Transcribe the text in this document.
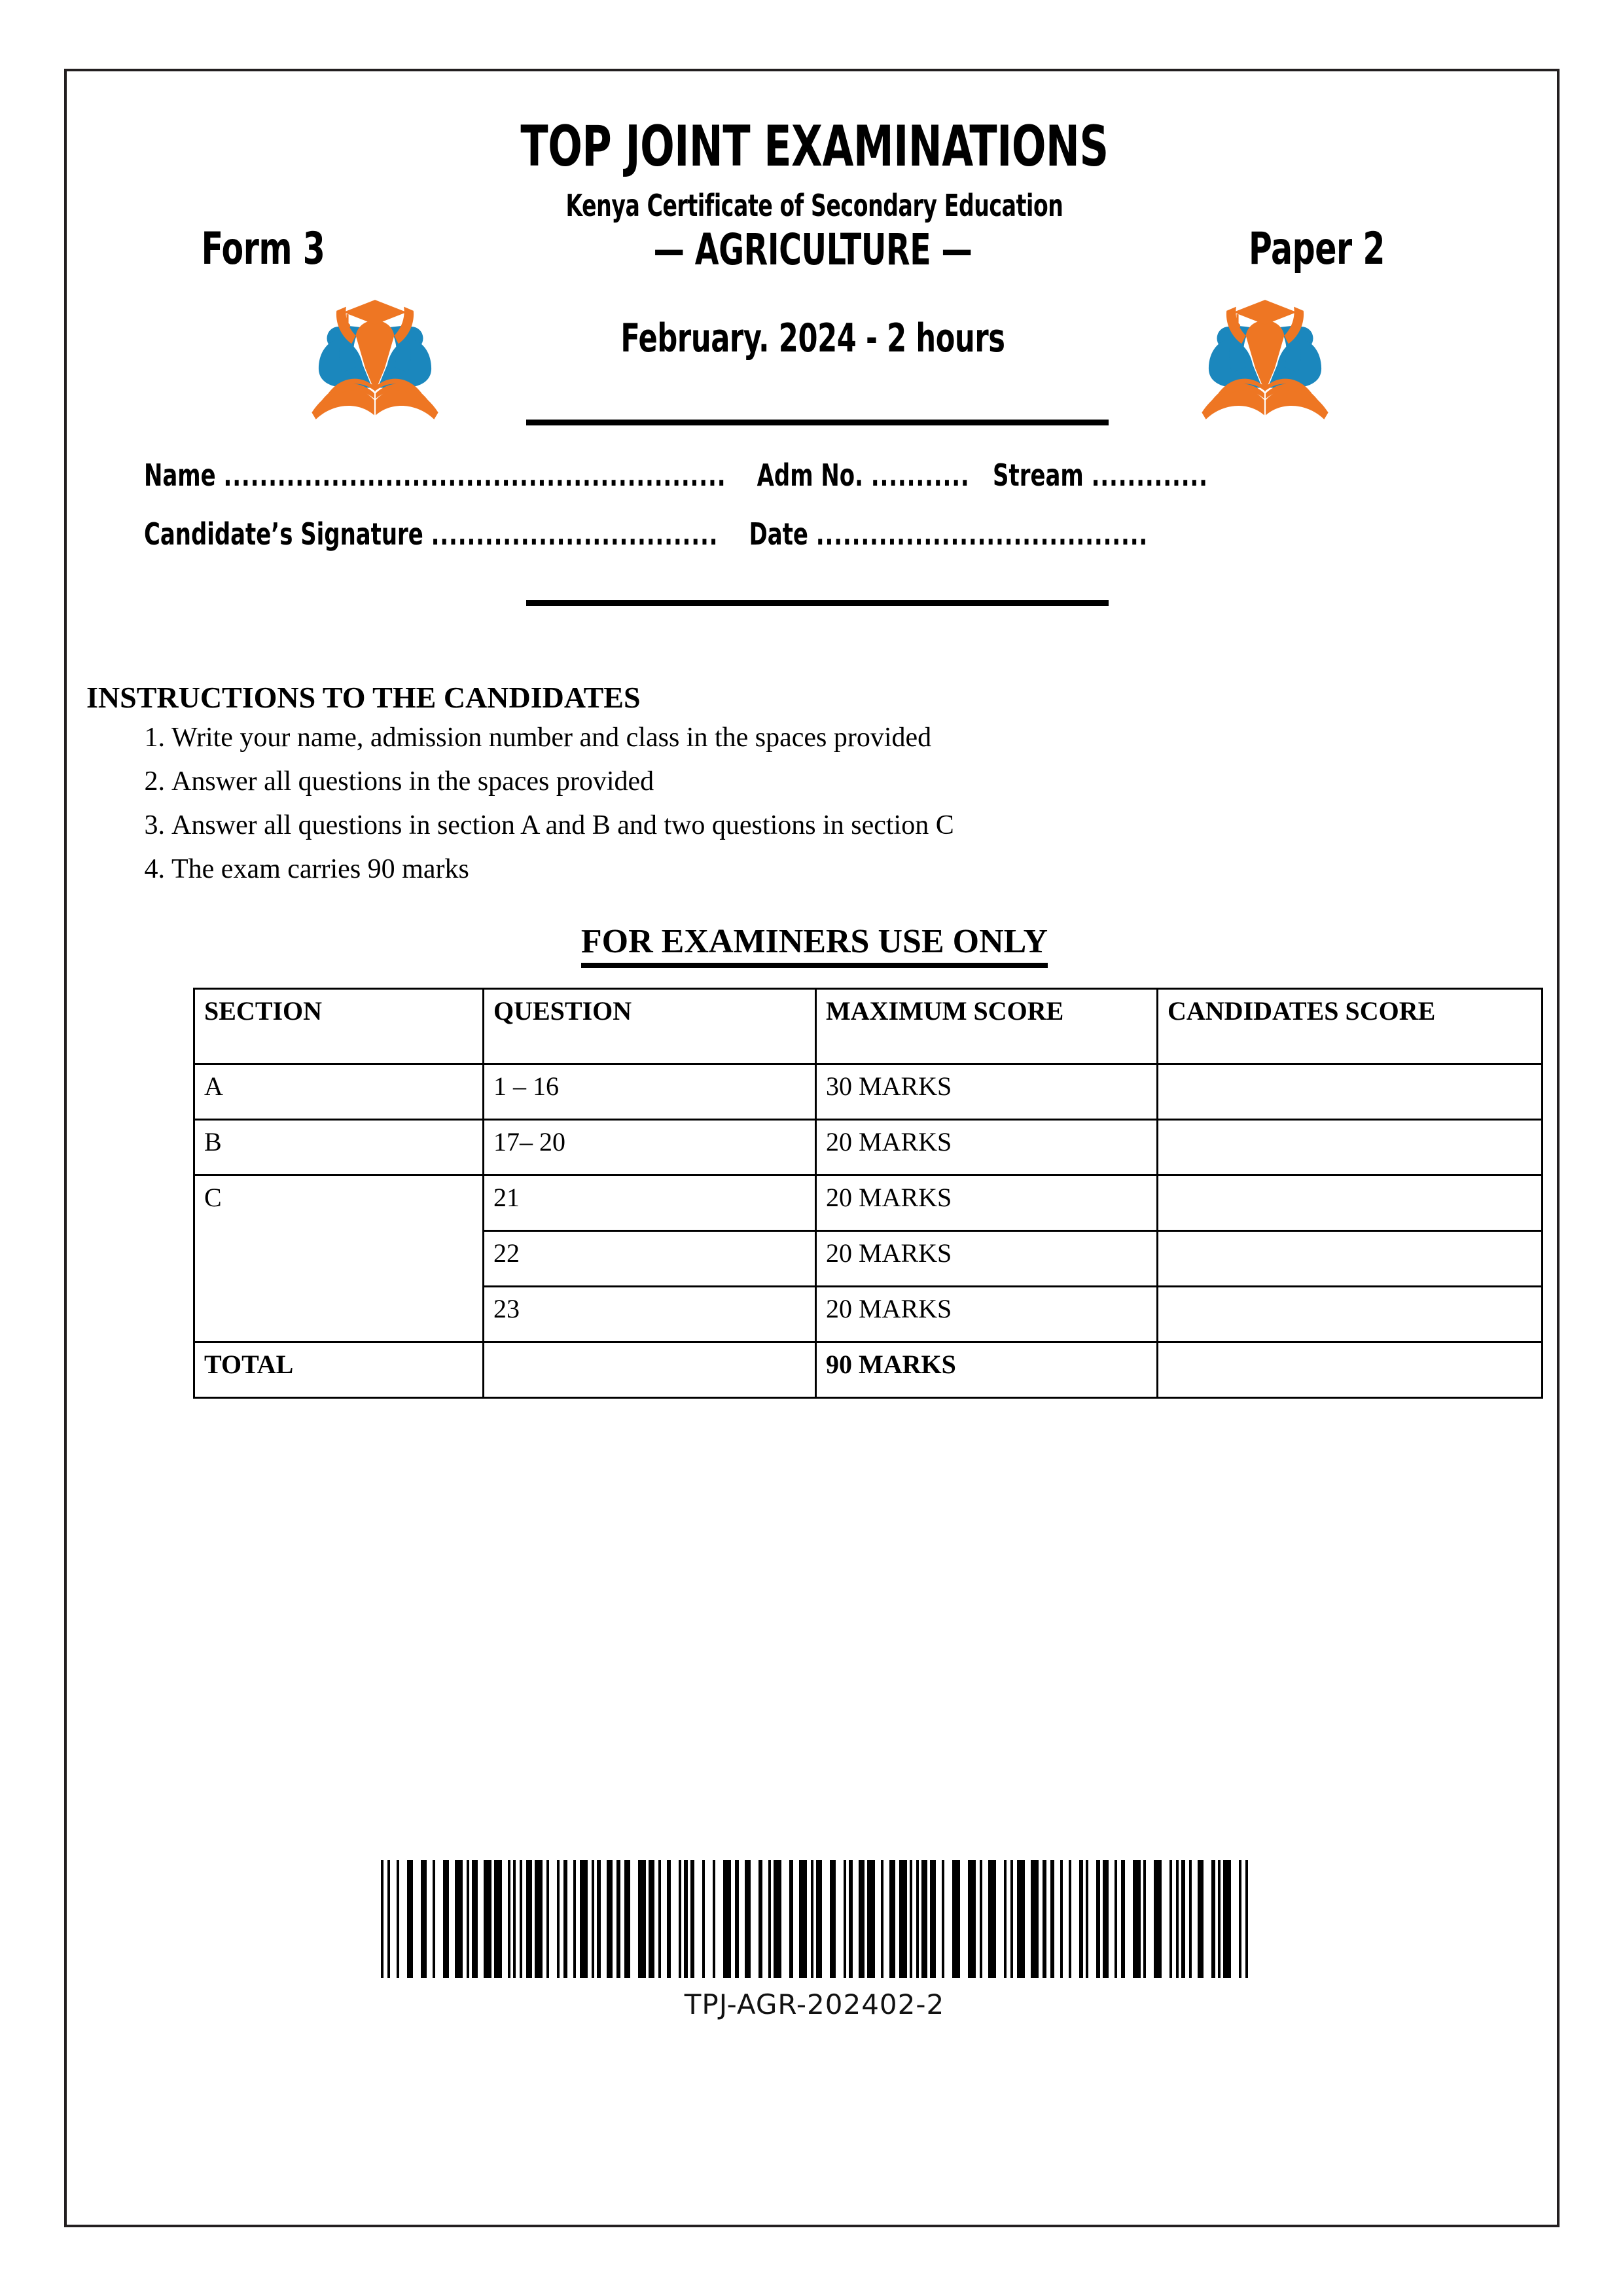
TOP JOINT EXAMINATIONS
Kenya Certificate of Secondary Education
Form 3	Paper 2
— AGRICULTURE —
February. 2024 - 2 hours
Name ........................................................ Adm No. ........... Stream .............
Candidate’s Signature ................................ Date .....................................
INSTRUCTIONS TO THE CANDIDATES
1. Write your name, admission number and class in the spaces provided
2. Answer all questions in the spaces provided
3. Answer all questions in section A and B and two questions in section C
4. The exam carries 90 marks
FOR EXAMINERS USE ONLY
SECTION	QUESTION	MAXIMUM SCORE	CANDIDATES SCORE
A	1 – 16	30 MARKS	
B	17– 20	20 MARKS	
C	21	20 MARKS	
	22	20 MARKS	
	23	20 MARKS	
TOTAL		90 MARKS	
TPJ-AGR-202402-2
